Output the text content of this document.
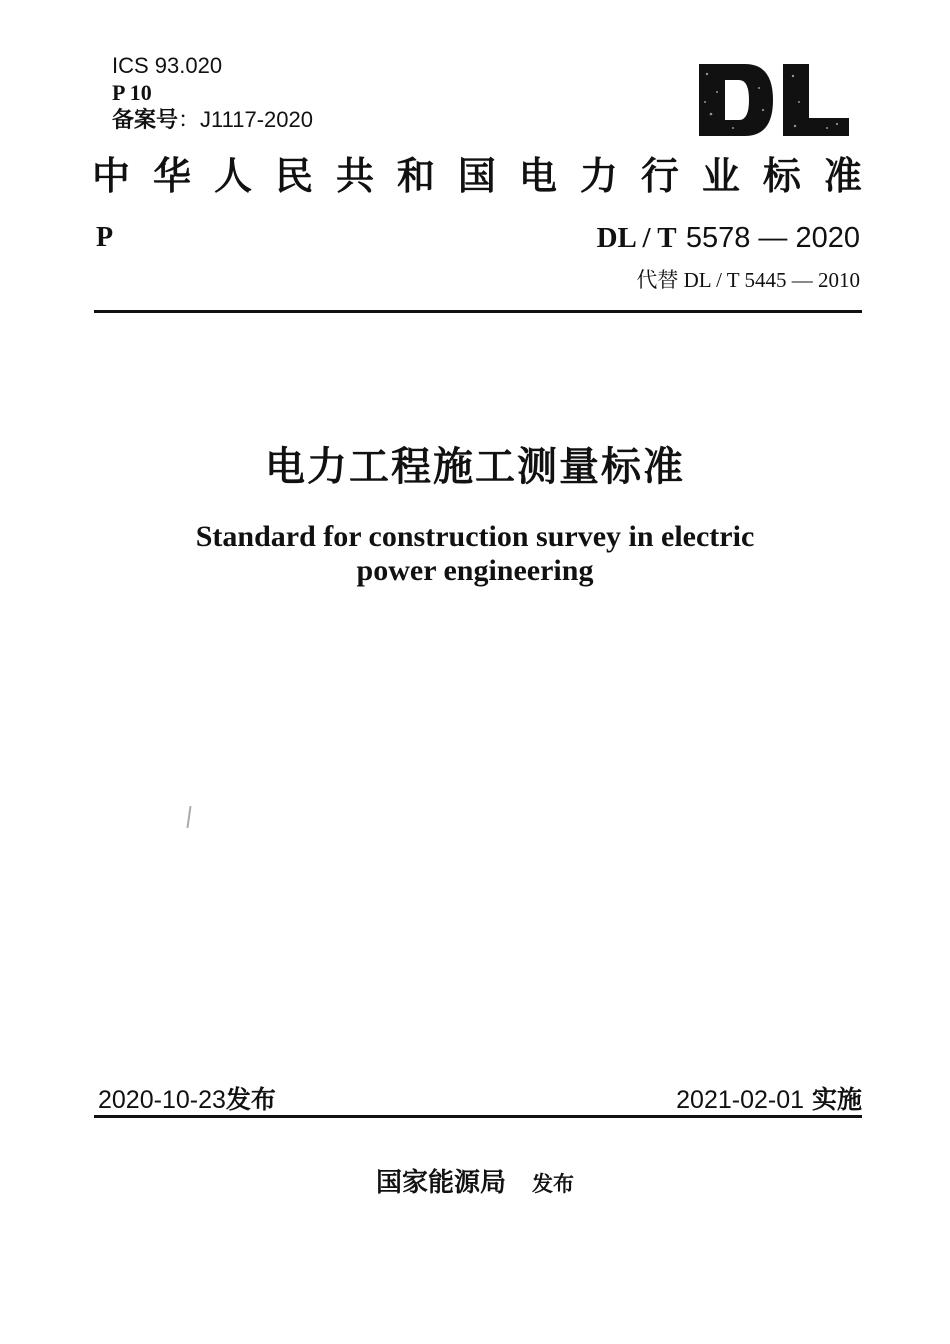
ICS 93.020
P 10
备案号：J1117-2020
DL
中 华 人 民 共 和 国 电 力 行 业 标 准
P	DL / T 5578 — 2020
代替 DL / T 5445 — 2010
电力工程施工测量标准
Standard for construction survey in electric
power engineering
2020-10-23发布	2021-02-01 实施
国家能源局 发布
